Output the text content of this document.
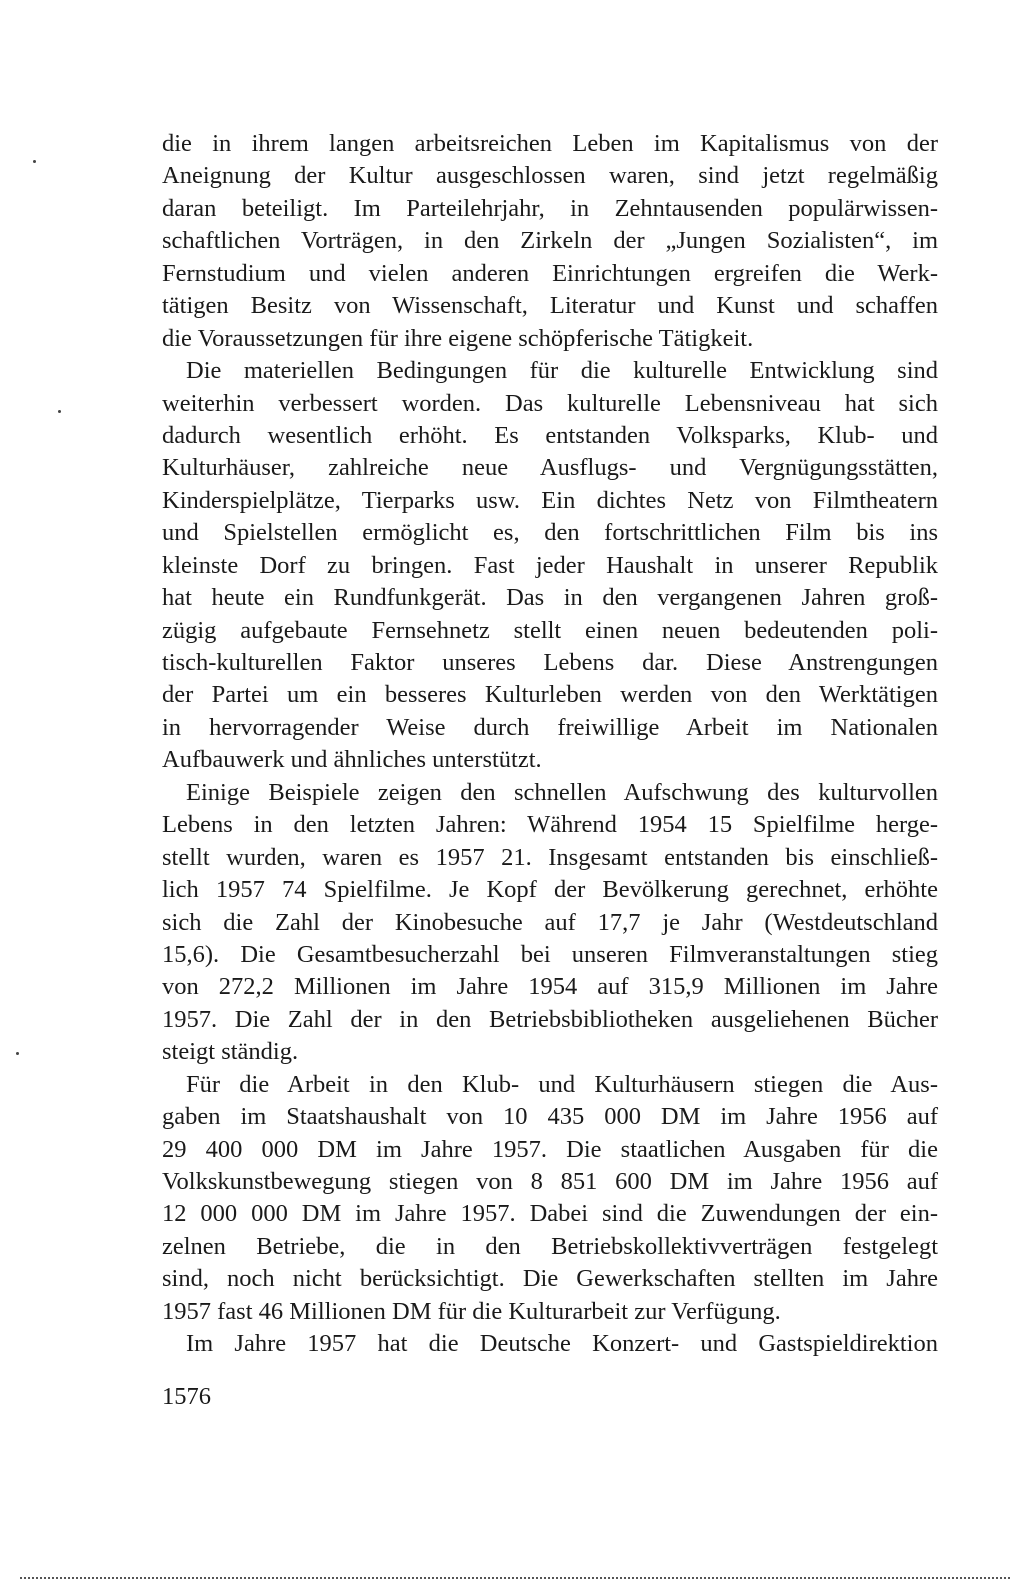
die in ihrem langen arbeitsreichen Leben im Kapitalismus von der
Aneignung der Kultur ausgeschlossen waren, sind jetzt regelmäßig
daran beteiligt. Im Parteilehrjahr, in Zehntausenden populärwissen-
schaftlichen Vorträgen, in den Zirkeln der „Jungen Sozialisten“, im
Fernstudium und vielen anderen Einrichtungen ergreifen die Werk-
tätigen Besitz von Wissenschaft, Literatur und Kunst und schaffen
die Voraussetzungen für ihre eigene schöpferische Tätigkeit.
Die materiellen Bedingungen für die kulturelle Entwicklung sind
weiterhin verbessert worden. Das kulturelle Lebensniveau hat sich
dadurch wesentlich erhöht. Es entstanden Volksparks, Klub- und
Kulturhäuser, zahlreiche neue Ausflugs- und Vergnügungsstätten,
Kinderspielplätze, Tierparks usw. Ein dichtes Netz von Filmtheatern
und Spielstellen ermöglicht es, den fortschrittlichen Film bis ins
kleinste Dorf zu bringen. Fast jeder Haushalt in unserer Republik
hat heute ein Rundfunkgerät. Das in den vergangenen Jahren groß-
zügig aufgebaute Fernsehnetz stellt einen neuen bedeutenden poli-
tisch-kulturellen Faktor unseres Lebens dar. Diese Anstrengungen
der Partei um ein besseres Kulturleben werden von den Werktätigen
in hervorragender Weise durch freiwillige Arbeit im Nationalen
Aufbauwerk und ähnliches unterstützt.
Einige Beispiele zeigen den schnellen Aufschwung des kulturvollen
Lebens in den letzten Jahren: Während 1954 15 Spielfilme herge-
stellt wurden, waren es 1957 21. Insgesamt entstanden bis einschließ-
lich 1957 74 Spielfilme. Je Kopf der Bevölkerung gerechnet, erhöhte
sich die Zahl der Kinobesuche auf 17,7 je Jahr (Westdeutschland
15,6). Die Gesamtbesucherzahl bei unseren Filmveranstaltungen stieg
von 272,2 Millionen im Jahre 1954 auf 315,9 Millionen im Jahre
1957. Die Zahl der in den Betriebsbibliotheken ausgeliehenen Bücher
steigt ständig.
Für die Arbeit in den Klub- und Kulturhäusern stiegen die Aus-
gaben im Staatshaushalt von 10 435 000 DM im Jahre 1956 auf
29 400 000 DM im Jahre 1957. Die staatlichen Ausgaben für die
Volkskunstbewegung stiegen von 8 851 600 DM im Jahre 1956 auf
12 000 000 DM im Jahre 1957. Dabei sind die Zuwendungen der ein-
zelnen Betriebe, die in den Betriebskollektivverträgen festgelegt
sind, noch nicht berücksichtigt. Die Gewerkschaften stellten im Jahre
1957 fast 46 Millionen DM für die Kulturarbeit zur Verfügung.
Im Jahre 1957 hat die Deutsche Konzert- und Gastspieldirektion
1576
